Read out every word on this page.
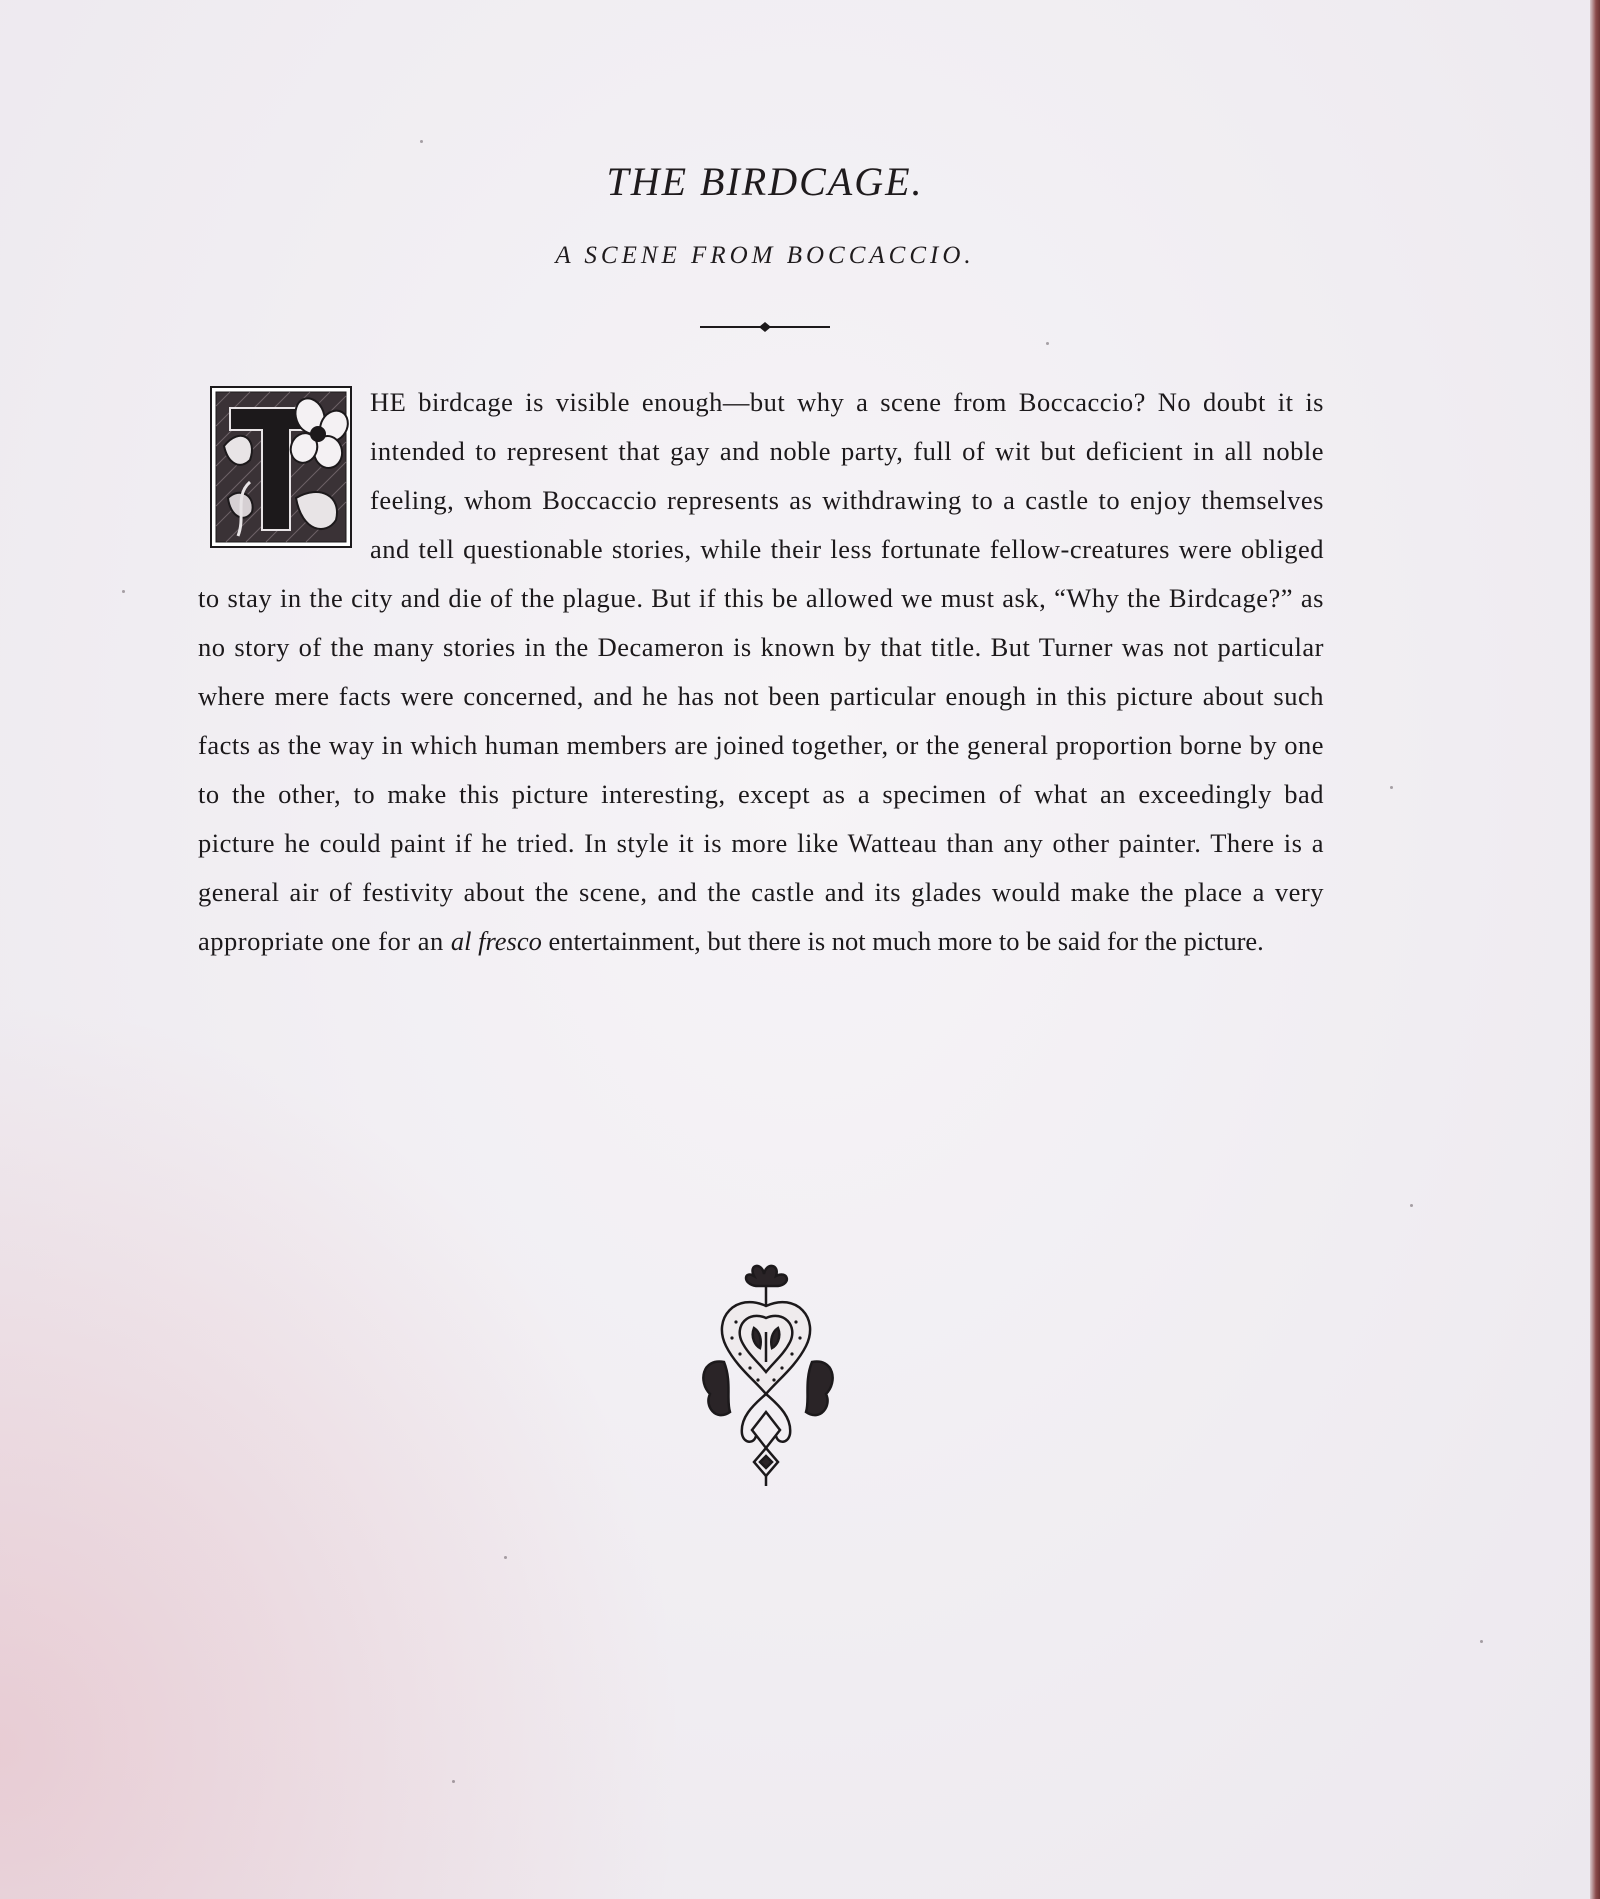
THE BIRDCAGE.
A SCENE FROM BOCCACCIO.

HE birdcage is visible enough—but why a scene from Boccaccio? No doubt it is intended to represent that gay and noble party, full of wit but deficient in all noble feeling, whom Boccaccio represents as withdrawing to a castle to enjoy themselves and tell questionable stories, while their less fortunate fellow-creatures were obliged to stay in the city and die of the plague. But if this be allowed we must ask, “Why the Birdcage?” as no story of the many stories in the Decameron is known by that title. But Turner was not particular where mere facts were concerned, and he has not been particular enough in this picture about such facts as the way in which human members are joined together, or the general proportion borne by one to the other, to make this picture interesting, except as a specimen of what an exceedingly bad picture he could paint if he tried. In style it is more like Watteau than any other painter. There is a general air of festivity about the scene, and the castle and its glades would make the place a very appropriate one for an al fresco entertainment, but there is not much more to be said for the picture.
